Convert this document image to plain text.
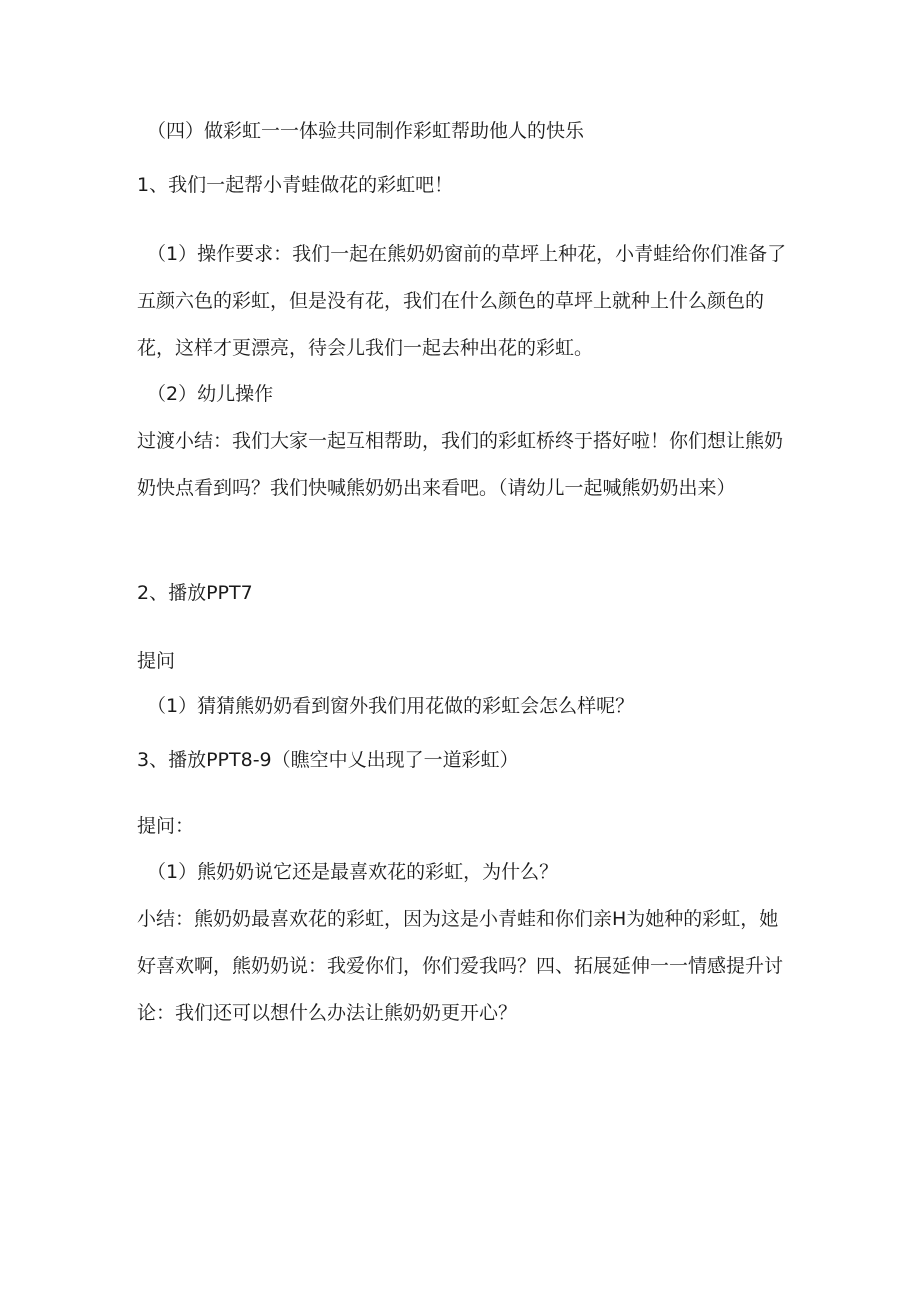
（四）做彩虹一一体验共同制作彩虹帮助他人的快乐

1、我们一起帮小青蛙做花的彩虹吧！

（1）操作要求：我们一起在熊奶奶窗前的草坪上种花，小青蛙给你们准备了五颜六色的彩虹，但是没有花，我们在什么颜色的草坪上就种上什么颜色的花，这样才更漂亮，待会儿我们一起去种出花的彩虹。

（2）幼儿操作

过渡小结：我们大家一起互相帮助，我们的彩虹桥终于搭好啦！你们想让熊奶奶快点看到吗？我们快喊熊奶奶出来看吧。（请幼儿一起喊熊奶奶出来）

2、播放PPT7

提问

（1）猜猜熊奶奶看到窗外我们用花做的彩虹会怎么样呢？

3、播放PPT8-9（瞧空中乂出现了一道彩虹）

提问：

（1）熊奶奶说它还是最喜欢花的彩虹，为什么？

小结：熊奶奶最喜欢花的彩虹，因为这是小青蛙和你们亲H为她种的彩虹，她好喜欢啊，熊奶奶说：我爱你们，你们爱我吗？四、拓展延伸一一情感提升讨论：我们还可以想什么办法让熊奶奶更开心？
